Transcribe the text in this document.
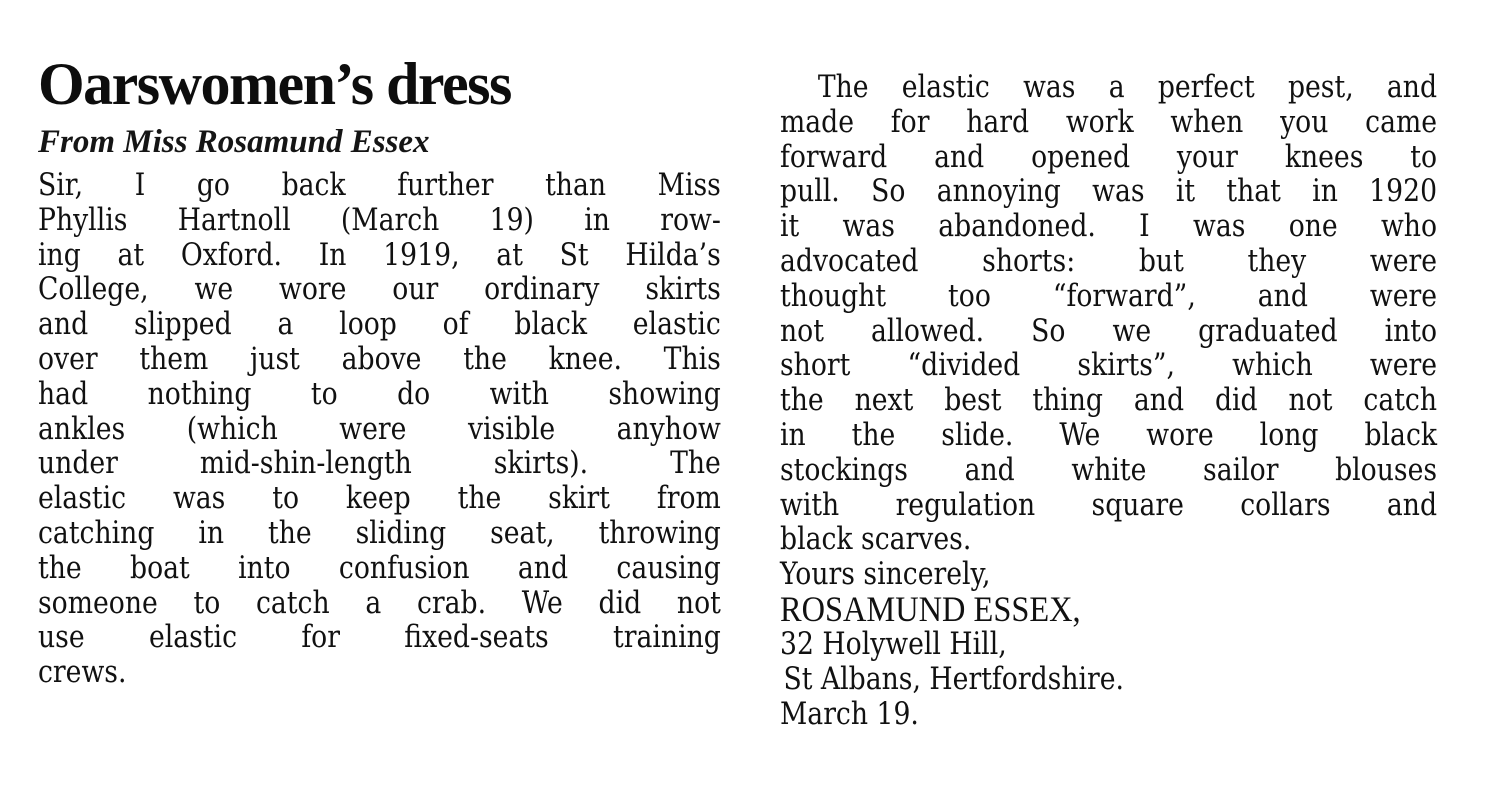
Oarswomen’s dress
From Miss Rosamund Essex
Sir, I go back further than Miss
Phyllis Hartnoll (March 19) in row-
ing at Oxford. In 1919, at St Hilda’s
College, we wore our ordinary skirts
and slipped a loop of black elastic
over them just above the knee. This
had nothing to do with showing
ankles (which were visible anyhow
under mid-shin-length skirts). The
elastic was to keep the skirt from
catching in the sliding seat, throwing
the boat into confusion and causing
someone to catch a crab. We did not
use elastic for fixed-seats training
crews.
The elastic was a perfect pest, and
made for hard work when you came
forward and opened your knees to
pull. So annoying was it that in 1920
it was abandoned. I was one who
advocated shorts: but they were
thought too “forward”, and were
not allowed. So we graduated into
short “divided skirts”, which were
the next best thing and did not catch
in the slide. We wore long black
stockings and white sailor blouses
with regulation square collars and
black scarves.
Yours sincerely,
ROSAMUND ESSEX,
32 Holywell Hill,
St Albans, Hertfordshire.
March 19.
